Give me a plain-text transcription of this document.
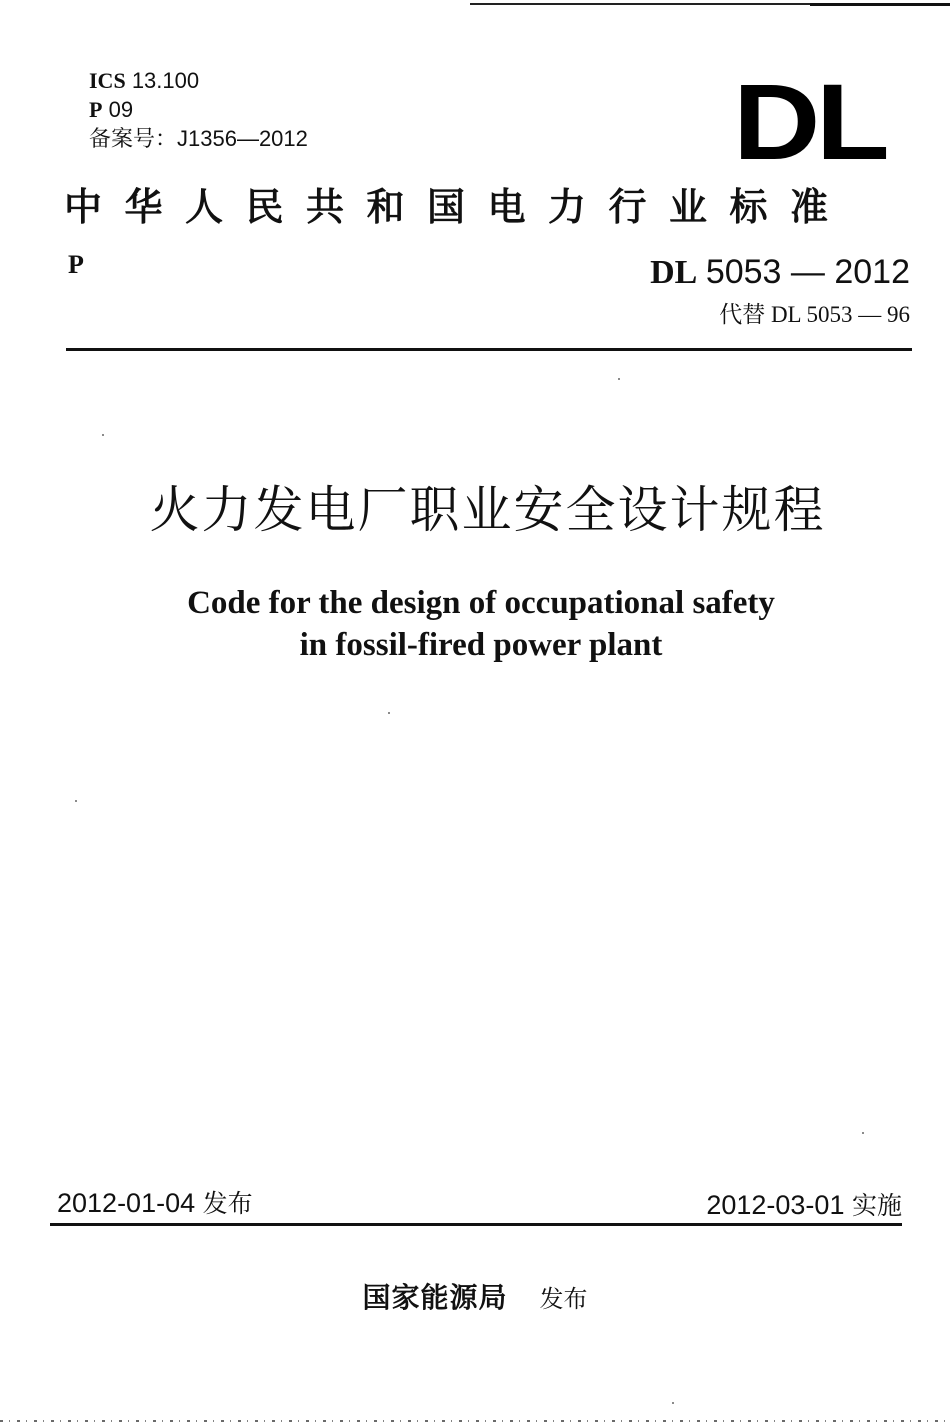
ICS 13.100
P 09
备案号：J1356—2012	DL
中华人民共和国电力行业标准
P	DL 5053 — 2012
代替 DL 5053 — 96
火力发电厂职业安全设计规程
Code for the design of occupational safety
in fossil-fired power plant
2012-01-04 发布	2012-03-01 实施
国家能源局 发布
